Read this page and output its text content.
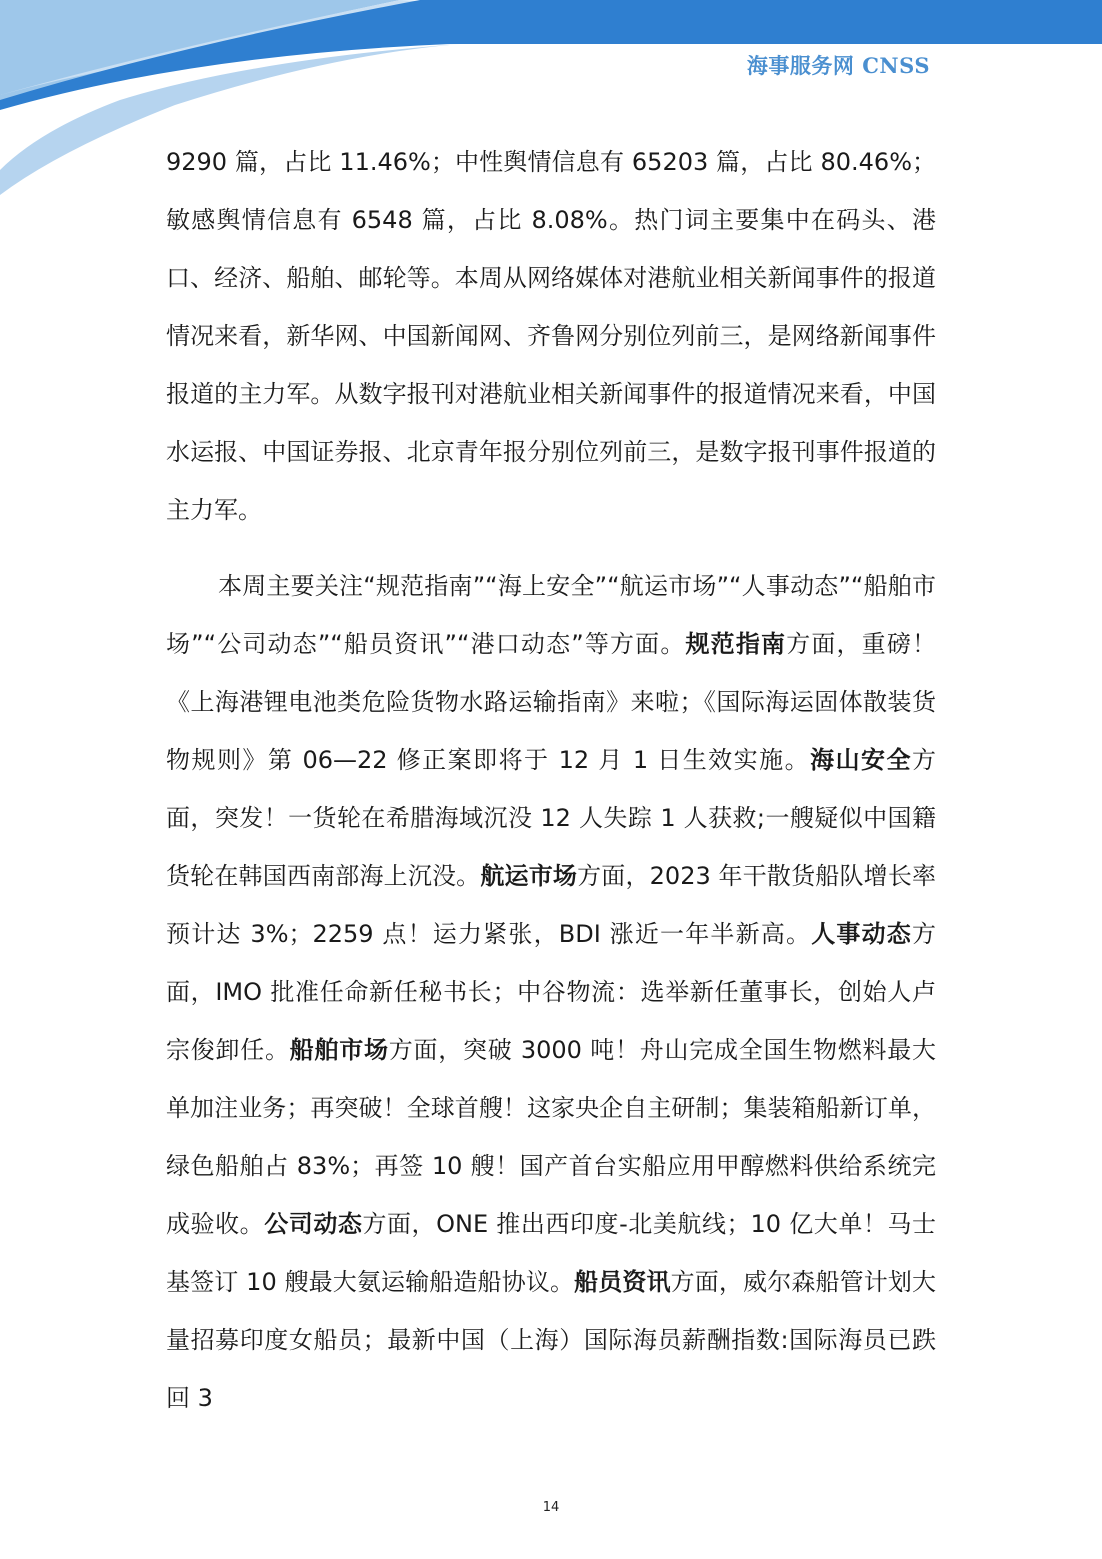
海事服务网 CNSS

9290 篇，占比 11.46%；中性舆情信息有 65203 篇，占比 80.46%；敏感舆情信息有 6548 篇，占比 8.08%。热门词主要集中在码头、港口、经济、船舶、邮轮等。本周从网络媒体对港航业相关新闻事件的报道情况来看，新华网、中国新闻网、齐鲁网分别位列前三，是网络新闻事件报道的主力军。从数字报刊对港航业相关新闻事件的报道情况来看，中国水运报、中国证券报、北京青年报分别位列前三，是数字报刊事件报道的主力军。

本周主要关注“规范指南”“海上安全”“航运市场”“人事动态”“船舶市场”“公司动态”“船员资讯”“港口动态”等方面。规范指南方面，重磅！《上海港锂电池类危险货物水路运输指南》来啦；《国际海运固体散装货物规则》第 06—22 修正案即将于 12 月 1 日生效实施。海山安全方面，突发！一货轮在希腊海域沉没 12 人失踪 1 人获救;一艘疑似中国籍货轮在韩国西南部海上沉没。航运市场方面，2023 年干散货船队增长率预计达 3%；2259 点！运力紧张，BDI 涨近一年半新高。人事动态方面，IMO 批准任命新任秘书长；中谷物流：选举新任董事长，创始人卢宗俊卸任。船舶市场方面，突破 3000 吨！舟山完成全国生物燃料最大单加注业务；再突破！全球首艘！这家央企自主研制；集装箱船新订单，绿色船舶占 83%；再签 10 艘！国产首台实船应用甲醇燃料供给系统完成验收。公司动态方面，ONE 推出西印度-北美航线；10 亿大单！马士基签订 10 艘最大氨运输船造船协议。船员资讯方面，威尔森船管计划大量招募印度女船员；最新中国（上海）国际海员薪酬指数:国际海员已跌回 3

14
